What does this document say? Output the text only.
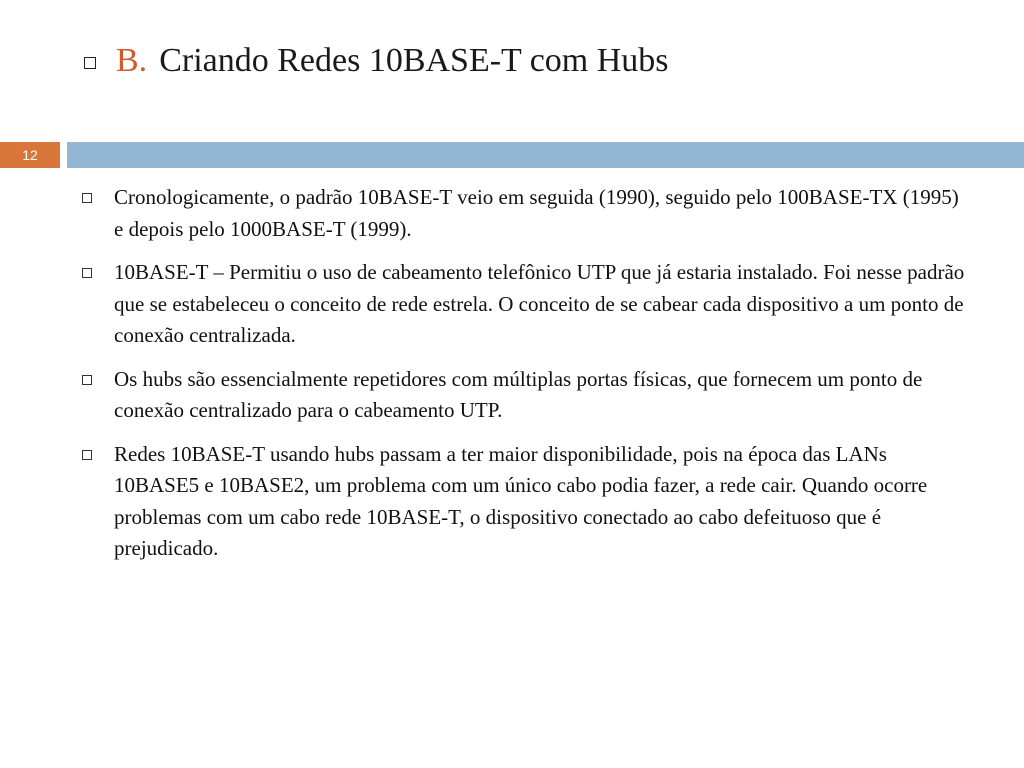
B. Criando Redes 10BASE-T com Hubs
12
Cronologicamente, o padrão 10BASE-T veio em seguida (1990), seguido pelo 100BASE-TX (1995) e depois pelo 1000BASE-T (1999).
10BASE-T – Permitiu o uso de cabeamento telefônico UTP que já estaria instalado. Foi nesse padrão que se estabeleceu o conceito de rede estrela. O conceito de se cabear cada dispositivo a um ponto de conexão centralizada.
Os hubs são essencialmente repetidores com múltiplas portas físicas, que fornecem um ponto de conexão centralizado para o cabeamento UTP.
Redes 10BASE-T usando hubs passam a ter maior disponibilidade, pois na época das LANs 10BASE5 e 10BASE2, um problema com um único cabo podia fazer, a rede cair. Quando ocorre problemas com um cabo rede 10BASE-T, o dispositivo conectado ao cabo defeituoso que é prejudicado.
